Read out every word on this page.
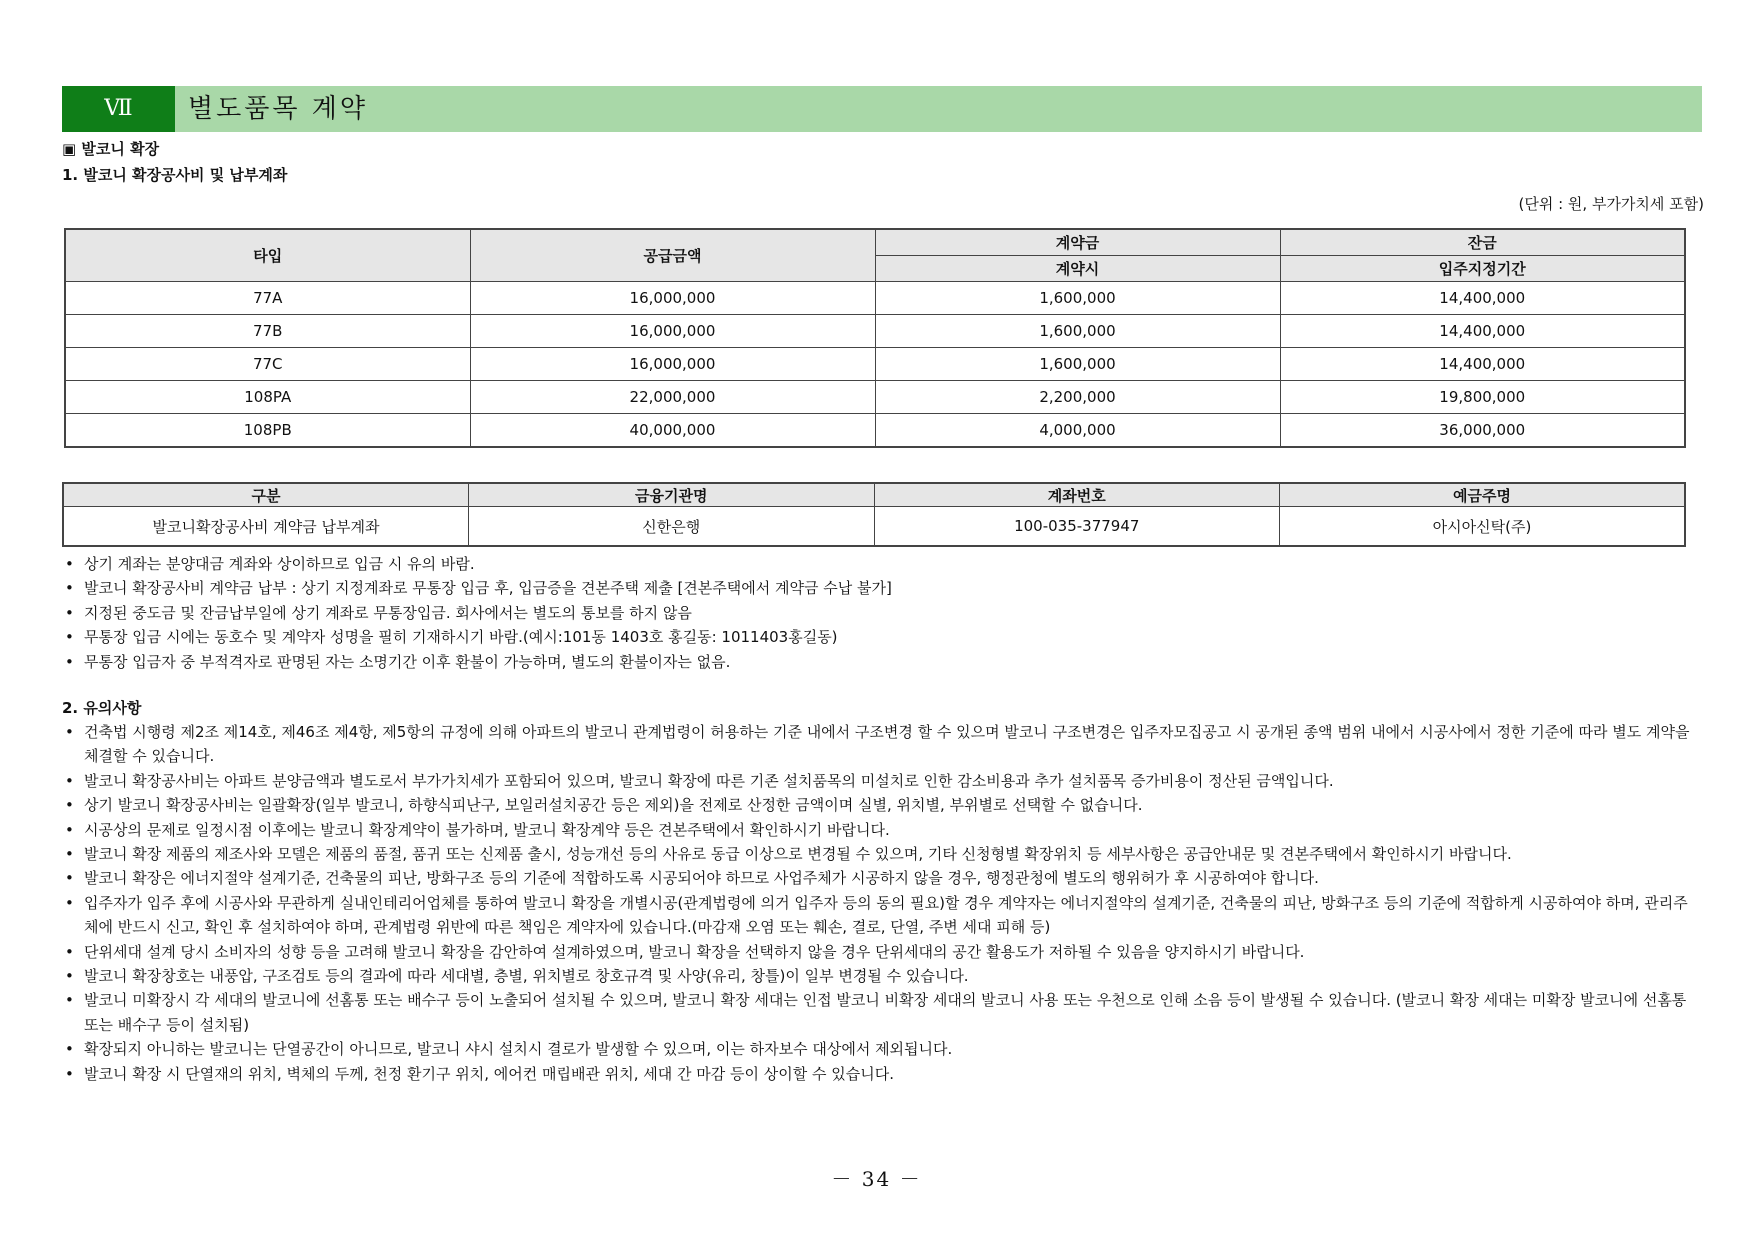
Ⅶ	별도품목 계약
▣ 발코니 확장
1. 발코니 확장공사비 및 납부계좌
(단위 : 원, 부가가치세 포함)
타입	공급금액	계약금	잔금
		계약시	입주지정기간
77A	16,000,000	1,600,000	14,400,000
77B	16,000,000	1,600,000	14,400,000
77C	16,000,000	1,600,000	14,400,000
108PA	22,000,000	2,200,000	19,800,000
108PB	40,000,000	4,000,000	36,000,000
구분	금융기관명	계좌번호	예금주명
발코니확장공사비 계약금 납부계좌	신한은행	100-035-377947	아시아신탁(주)
• 상기 계좌는 분양대금 계좌와 상이하므로 입금 시 유의 바람.
• 발코니 확장공사비 계약금 납부 : 상기 지정계좌로 무통장 입금 후, 입금증을 견본주택 제출 [견본주택에서 계약금 수납 불가]
• 지정된 중도금 및 잔금납부일에 상기 계좌로 무통장입금. 회사에서는 별도의 통보를 하지 않음
• 무통장 입금 시에는 동호수 및 계약자 성명을 필히 기재하시기 바람.(예시:101동 1403호 홍길동: 1011403홍길동)
• 무통장 입금자 중 부적격자로 판명된 자는 소명기간 이후 환불이 가능하며, 별도의 환불이자는 없음.
2. 유의사항
• 건축법 시행령 제2조 제14호, 제46조 제4항, 제5항의 규정에 의해 아파트의 발코니 관계법령이 허용하는 기준 내에서 구조변경 할 수 있으며 발코니 구조변경은 입주자모집공고 시 공개된 종액 범위 내에서 시공사에서 정한 기준에 따라 별도 계약을 체결할 수 있습니다.
• 발코니 확장공사비는 아파트 분양금액과 별도로서 부가가치세가 포함되어 있으며, 발코니 확장에 따른 기존 설치품목의 미설치로 인한 감소비용과 추가 설치품목 증가비용이 정산된 금액입니다.
• 상기 발코니 확장공사비는 일괄확장(일부 발코니, 하향식피난구, 보일러설치공간 등은 제외)을 전제로 산정한 금액이며 실별, 위치별, 부위별로 선택할 수 없습니다.
• 시공상의 문제로 일정시점 이후에는 발코니 확장계약이 불가하며, 발코니 확장계약 등은 견본주택에서 확인하시기 바랍니다.
• 발코니 확장 제품의 제조사와 모델은 제품의 품절, 품귀 또는 신제품 출시, 성능개선 등의 사유로 동급 이상으로 변경될 수 있으며, 기타 신청형별 확장위치 등 세부사항은 공급안내문 및 견본주택에서 확인하시기 바랍니다.
• 발코니 확장은 에너지절약 설계기준, 건축물의 피난, 방화구조 등의 기준에 적합하도록 시공되어야 하므로 사업주체가 시공하지 않을 경우, 행정관청에 별도의 행위허가 후 시공하여야 합니다.
• 입주자가 입주 후에 시공사와 무관하게 실내인테리어업체를 통하여 발코니 확장을 개별시공(관계법령에 의거 입주자 등의 동의 필요)할 경우 계약자는 에너지절약의 설계기준, 건축물의 피난, 방화구조 등의 기준에 적합하게 시공하여야 하며, 관리주체에 반드시 신고, 확인 후 설치하여야 하며, 관계법령 위반에 따른 책임은 계약자에 있습니다.(마감재 오염 또는 훼손, 결로, 단열, 주변 세대 피해 등)
• 단위세대 설계 당시 소비자의 성향 등을 고려해 발코니 확장을 감안하여 설계하였으며, 발코니 확장을 선택하지 않을 경우 단위세대의 공간 활용도가 저하될 수 있음을 양지하시기 바랍니다.
• 발코니 확장창호는 내풍압, 구조검토 등의 결과에 따라 세대별, 층별, 위치별로 창호규격 및 사양(유리, 창틀)이 일부 변경될 수 있습니다.
• 발코니 미확장시 각 세대의 발코니에 선홈통 또는 배수구 등이 노출되어 설치될 수 있으며, 발코니 확장 세대는 인접 발코니 비확장 세대의 발코니 사용 또는 우천으로 인해 소음 등이 발생될 수 있습니다. (발코니 확장 세대는 미확장 발코니에 선홈통 또는 배수구 등이 설치됨)
• 확장되지 아니하는 발코니는 단열공간이 아니므로, 발코니 샤시 설치시 결로가 발생할 수 있으며, 이는 하자보수 대상에서 제외됩니다.
• 발코니 확장 시 단열재의 위치, 벽체의 두께, 천정 환기구 위치, 에어컨 매립배관 위치, 세대 간 마감 등이 상이할 수 있습니다.
－ 34 －
